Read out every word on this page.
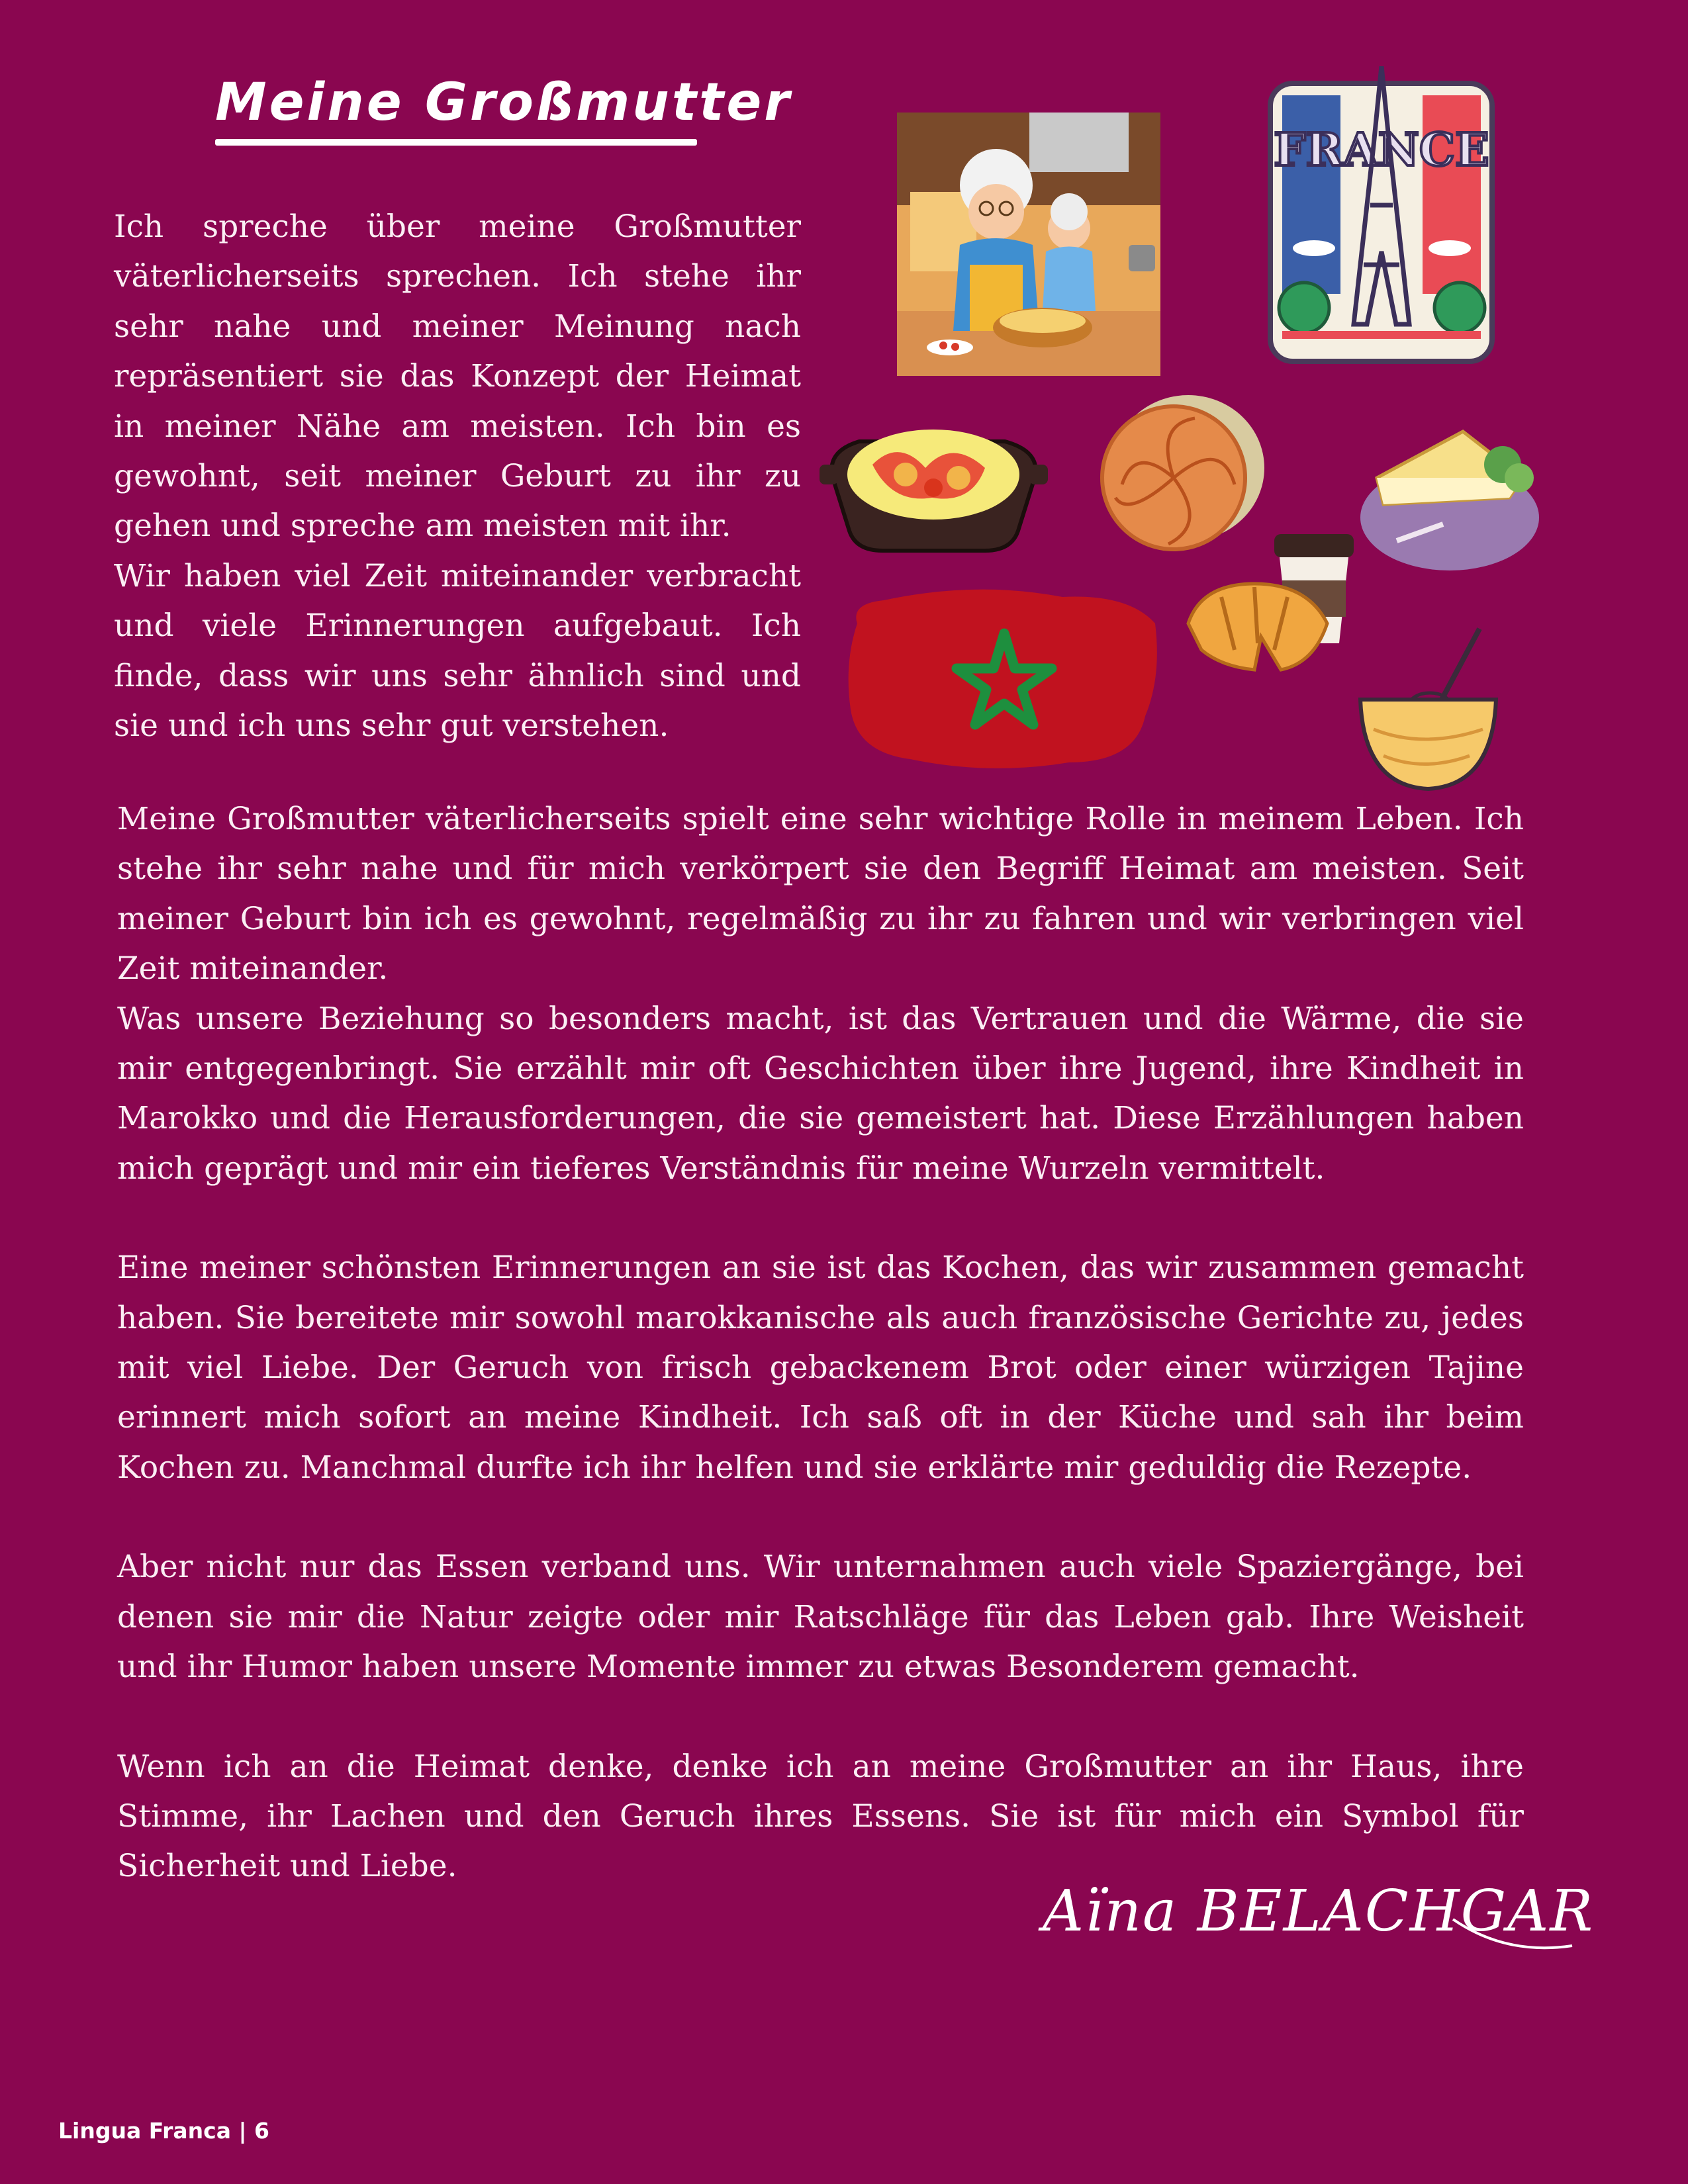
Meine Großmutter

Ich spreche über meine Großmutter väterlicherseits sprechen. Ich stehe ihr sehr nahe und meiner Meinung nach repräsentiert sie das Konzept der Heimat in meiner Nähe am meisten. Ich bin es gewohnt, seit meiner Geburt zu ihr zu gehen und spreche am meisten mit ihr.

Wir haben viel Zeit miteinander verbracht und viele Erinnerungen aufgebaut. Ich finde, dass wir uns sehr ähnlich sind und sie und ich uns sehr gut verstehen.

FRANCE

Meine Großmutter väterlicherseits spielt eine sehr wichtige Rolle in meinem Leben. Ich stehe ihr sehr nahe und für mich verkörpert sie den Begriff Heimat am meisten. Seit meiner Geburt bin ich es gewohnt, regelmäßig zu ihr zu fahren und wir verbringen viel Zeit miteinander.

Was unsere Beziehung so besonders macht, ist das Vertrauen und die Wärme, die sie mir entgegenbringt. Sie erzählt mir oft Geschichten über ihre Jugend, ihre Kindheit in Marokko und die Herausforderungen, die sie gemeistert hat. Diese Erzählungen haben mich geprägt und mir ein tieferes Verständnis für meine Wurzeln vermittelt.

Eine meiner schönsten Erinnerungen an sie ist das Kochen, das wir zusammen gemacht haben. Sie bereitete mir sowohl marokkanische als auch französische Gerichte zu, jedes mit viel Liebe. Der Geruch von frisch gebackenem Brot oder einer würzigen Tajine erinnert mich sofort an meine Kindheit. Ich saß oft in der Küche und sah ihr beim Kochen zu. Manchmal durfte ich ihr helfen und sie erklärte mir geduldig die Rezepte.

Aber nicht nur das Essen verband uns. Wir unternahmen auch viele Spaziergänge, bei denen sie mir die Natur zeigte oder mir Ratschläge für das Leben gab. Ihre Weisheit und ihr Humor haben unsere Momente immer zu etwas Besonderem gemacht.

Wenn ich an die Heimat denke, denke ich an meine Großmutter an ihr Haus, ihre Stimme, ihr Lachen und den Geruch ihres Essens. Sie ist für mich ein Symbol für Sicherheit und Liebe.

Aïna BELACHGAR
Lingua Franca | 6
